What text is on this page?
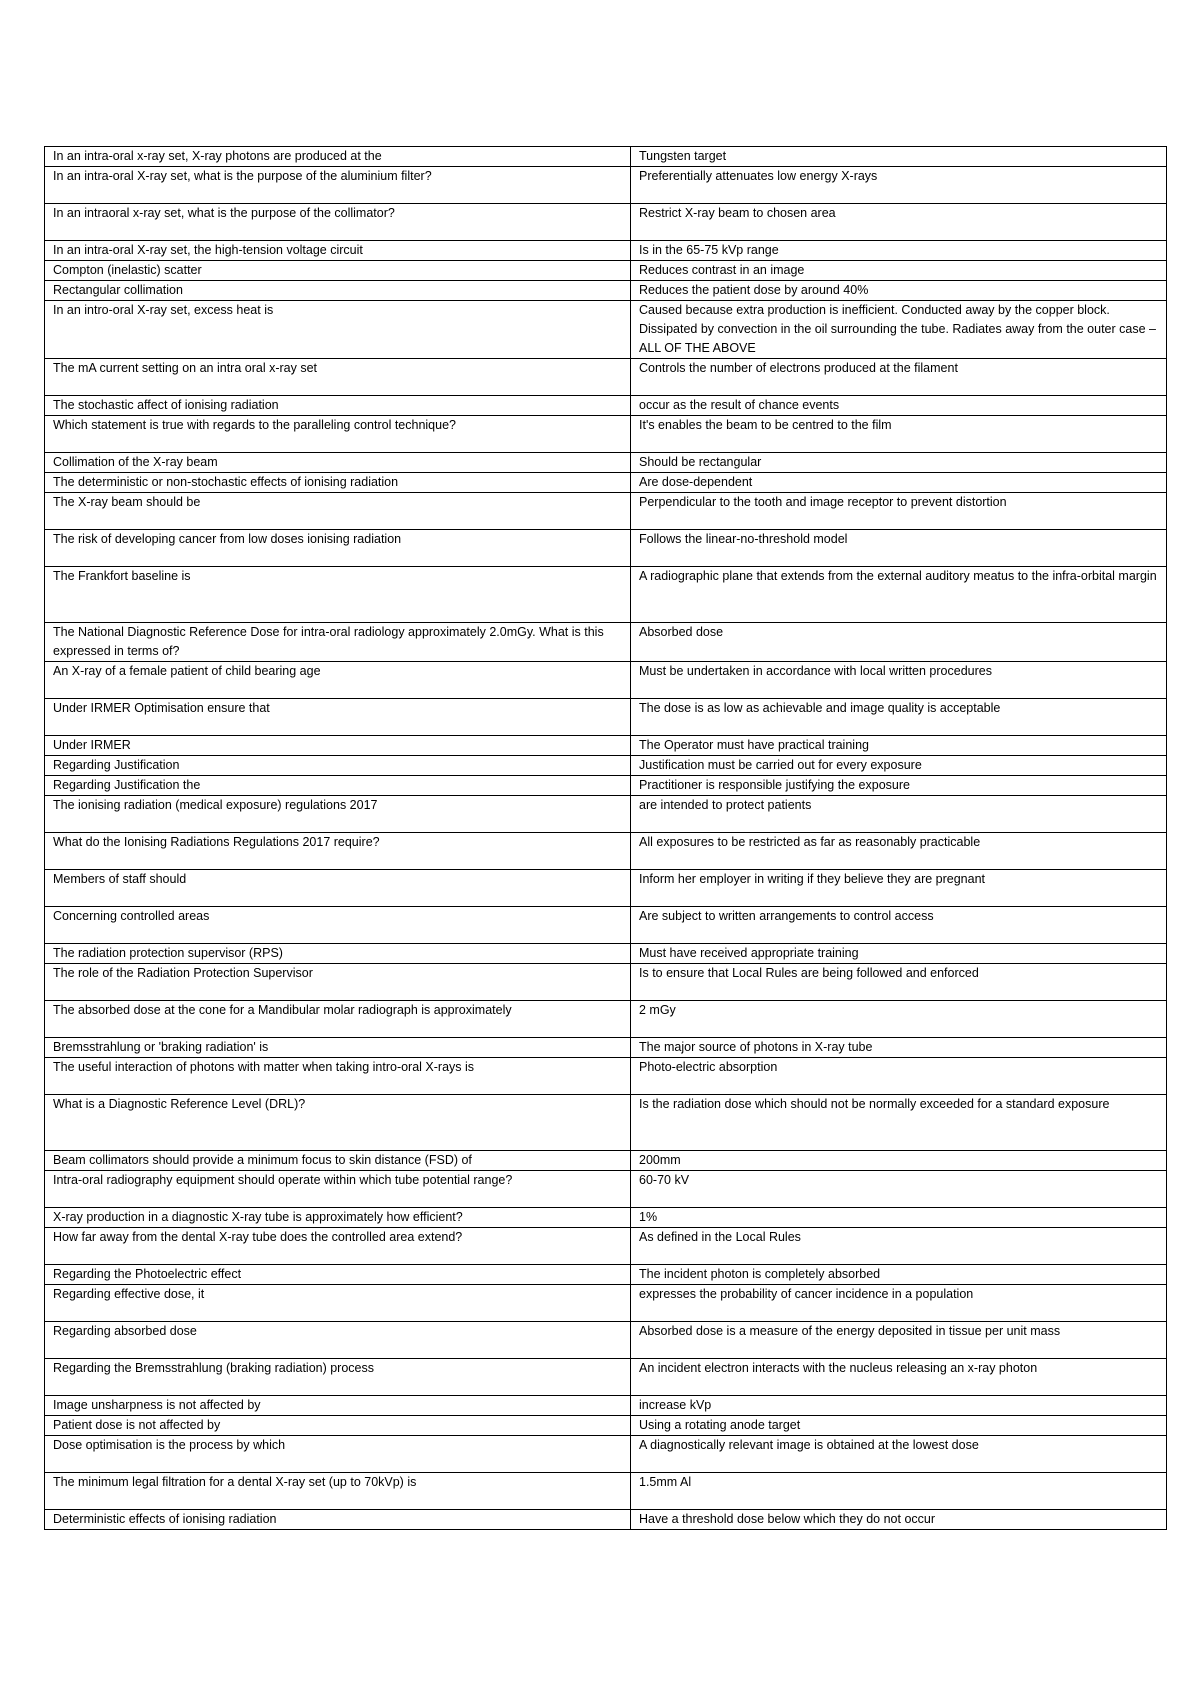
In an intra-oral x-ray set, X-ray photons are produced at the	Tungsten target
In an intra-oral X-ray set, what is the purpose of the aluminium filter?	Preferentially attenuates low energy X-rays
In an intraoral x-ray set, what is the purpose of the collimator?	Restrict X-ray beam to chosen area
In an intra-oral X-ray set, the high-tension voltage circuit	Is in the 65-75 kVp range
Compton (inelastic) scatter	Reduces contrast in an image
Rectangular collimation	Reduces the patient dose by around 40%
In an intro-oral X-ray set, excess heat is	Caused because extra production is inefficient. Conducted away by the copper block. Dissipated by convection in the oil surrounding the tube. Radiates away from the outer case – ALL OF THE ABOVE
The mA current setting on an intra oral x-ray set	Controls the number of electrons produced at the filament
The stochastic affect of ionising radiation	occur as the result of chance events
Which statement is true with regards to the paralleling control technique?	It's enables the beam to be centred to the film
Collimation of the X-ray beam	Should be rectangular
The deterministic or non-stochastic effects of ionising radiation	Are dose-dependent
The X-ray beam should be	Perpendicular to the tooth and image receptor to prevent distortion
The risk of developing cancer from low doses ionising radiation	Follows the linear-no-threshold model
The Frankfort baseline is	A radiographic plane that extends from the external auditory meatus to the infra-orbital margin
The National Diagnostic Reference Dose for intra-oral radiology approximately 2.0mGy. What is this expressed in terms of?	Absorbed dose
An X-ray of a female patient of child bearing age	Must be undertaken in accordance with local written procedures
Under IRMER Optimisation ensure that	The dose is as low as achievable and image quality is acceptable
Under IRMER	The Operator must have practical training
Regarding Justification	Justification must be carried out for every exposure
Regarding Justification the	Practitioner is responsible justifying the exposure
The ionising radiation (medical exposure) regulations 2017	are intended to protect patients
What do the Ionising Radiations Regulations 2017 require?	All exposures to be restricted as far as reasonably practicable
Members of staff should	Inform her employer in writing if they believe they are pregnant
Concerning controlled areas	Are subject to written arrangements to control access
The radiation protection supervisor (RPS)	Must have received appropriate training
The role of the Radiation Protection Supervisor	Is to ensure that Local Rules are being followed and enforced
The absorbed dose at the cone for a Mandibular molar radiograph is approximately	2 mGy
Bremsstrahlung or 'braking radiation' is	The major source of photons in X-ray tube
The useful interaction of photons with matter when taking intro-oral X-rays is	Photo-electric absorption
What is a Diagnostic Reference Level (DRL)?	Is the radiation dose which should not be normally exceeded for a standard exposure
Beam collimators should provide a minimum focus to skin distance (FSD) of	200mm
Intra-oral radiography equipment should operate within which tube potential range?	60-70 kV
X-ray production in a diagnostic X-ray tube is approximately how efficient?	1%
How far away from the dental X-ray tube does the controlled area extend?	As defined in the Local Rules
Regarding the Photoelectric effect	The incident photon is completely absorbed
Regarding effective dose, it	expresses the probability of cancer incidence in a population
Regarding absorbed dose	Absorbed dose is a measure of the energy deposited in tissue per unit mass
Regarding the Bremsstrahlung (braking radiation) process	An incident electron interacts with the nucleus releasing an x-ray photon
Image unsharpness is not affected by	increase kVp
Patient dose is not affected by	Using a rotating anode target
Dose optimisation is the process by which	A diagnostically relevant image is obtained at the lowest dose
The minimum legal filtration for a dental X-ray set (up to 70kVp) is	1.5mm Al
Deterministic effects of ionising radiation	Have a threshold dose below which they do not occur
